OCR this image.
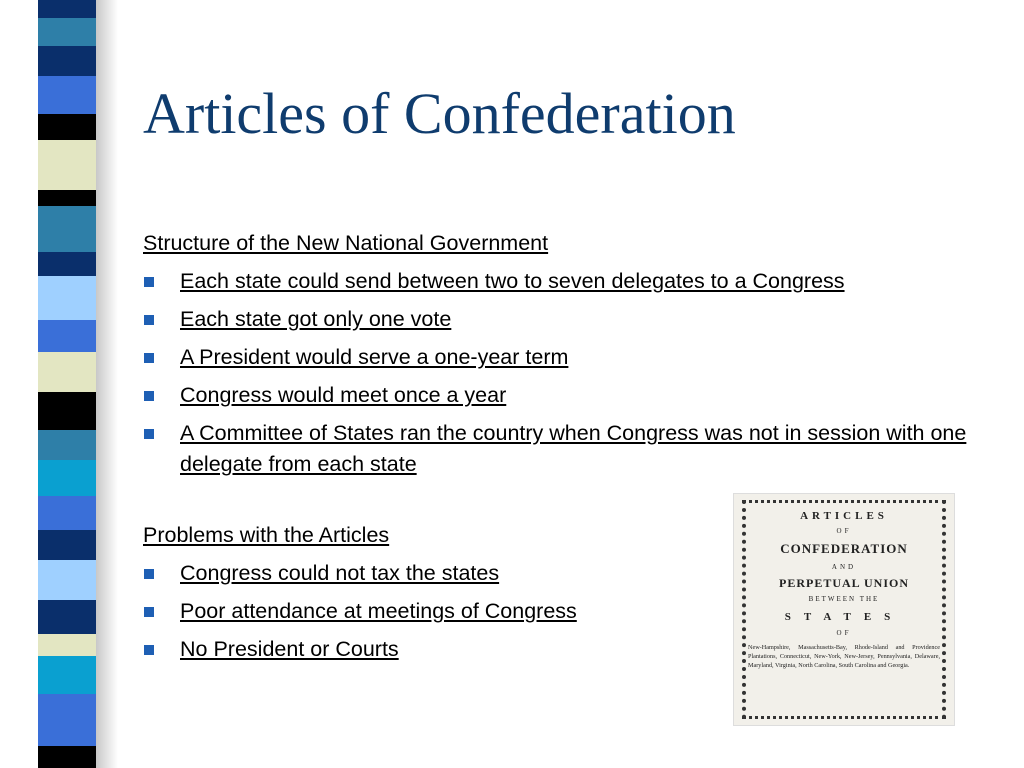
Articles of Confederation

Structure of the New National Government

Each state could send between two to seven delegates to a Congress
Each state got only one vote
A President would serve a one-year term
Congress would meet once a year
A Committee of States ran the country when Congress was not in session with one delegate from each state

Problems with the Articles

Congress could not tax the states
Poor attendance at meetings of Congress
No President or Courts
ARTICLES
OF
CONFEDERATION
AND
PERPETUAL UNION
BETWEEN THE
STATES
OF
New-Hampshire, Massachusetts-Bay, Rhode-Island and Providence Plantations, Connecticut, New-York, New-Jersey, Pennsylvania, Delaware, Maryland, Virginia, North Carolina, South Carolina and Georgia.
